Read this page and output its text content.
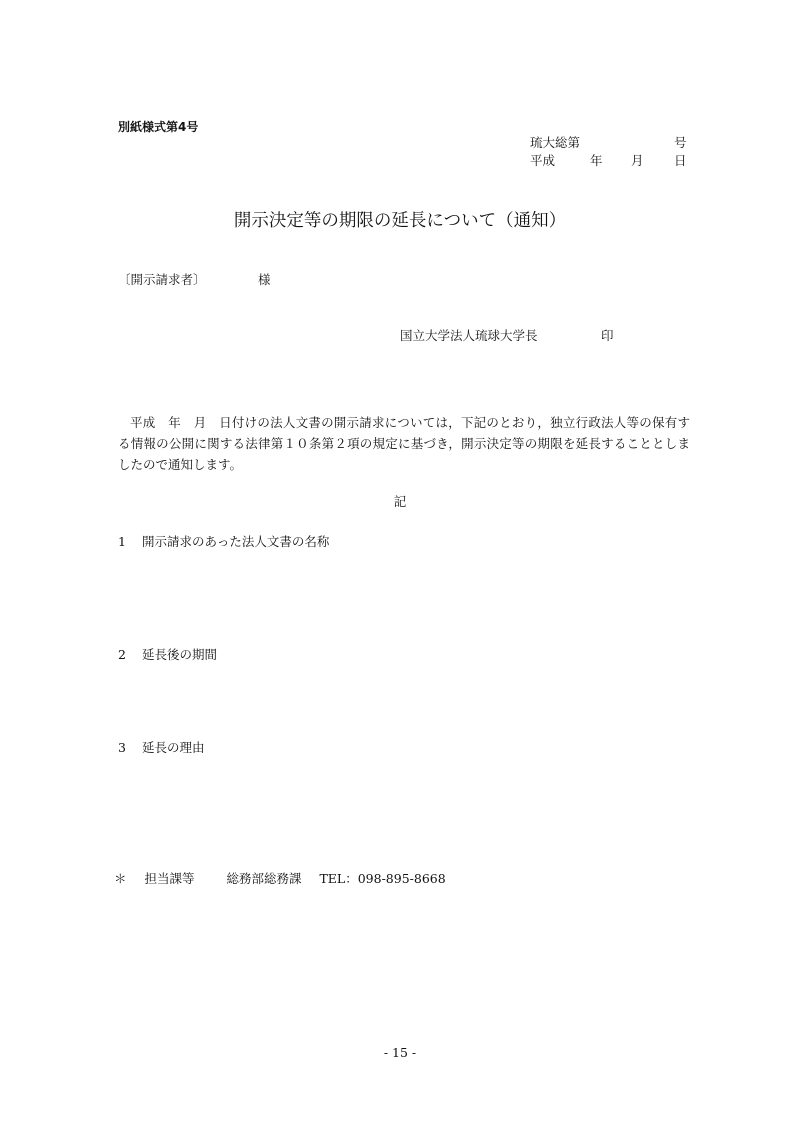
別紙様式第4号
琉大総第	号
平成	年 月 日
開示決定等の期限の延長について（通知）
〔開示請求者〕	様
国立大学法人琉球大学長	印
平成　年　月　日付けの法人文書の開示請求については，下記のとおり，独立行政法人等の保有する情報の公開に関する法律第１０条第２項の規定に基づき，開示決定等の期限を延長することとしましたので通知します。
記
1 開示請求のあった法人文書の名称
2 延長後の期間
3 延長の理由
＊ 担当課等	総務部総務課 TEL：098-895-8668
- 15 -
